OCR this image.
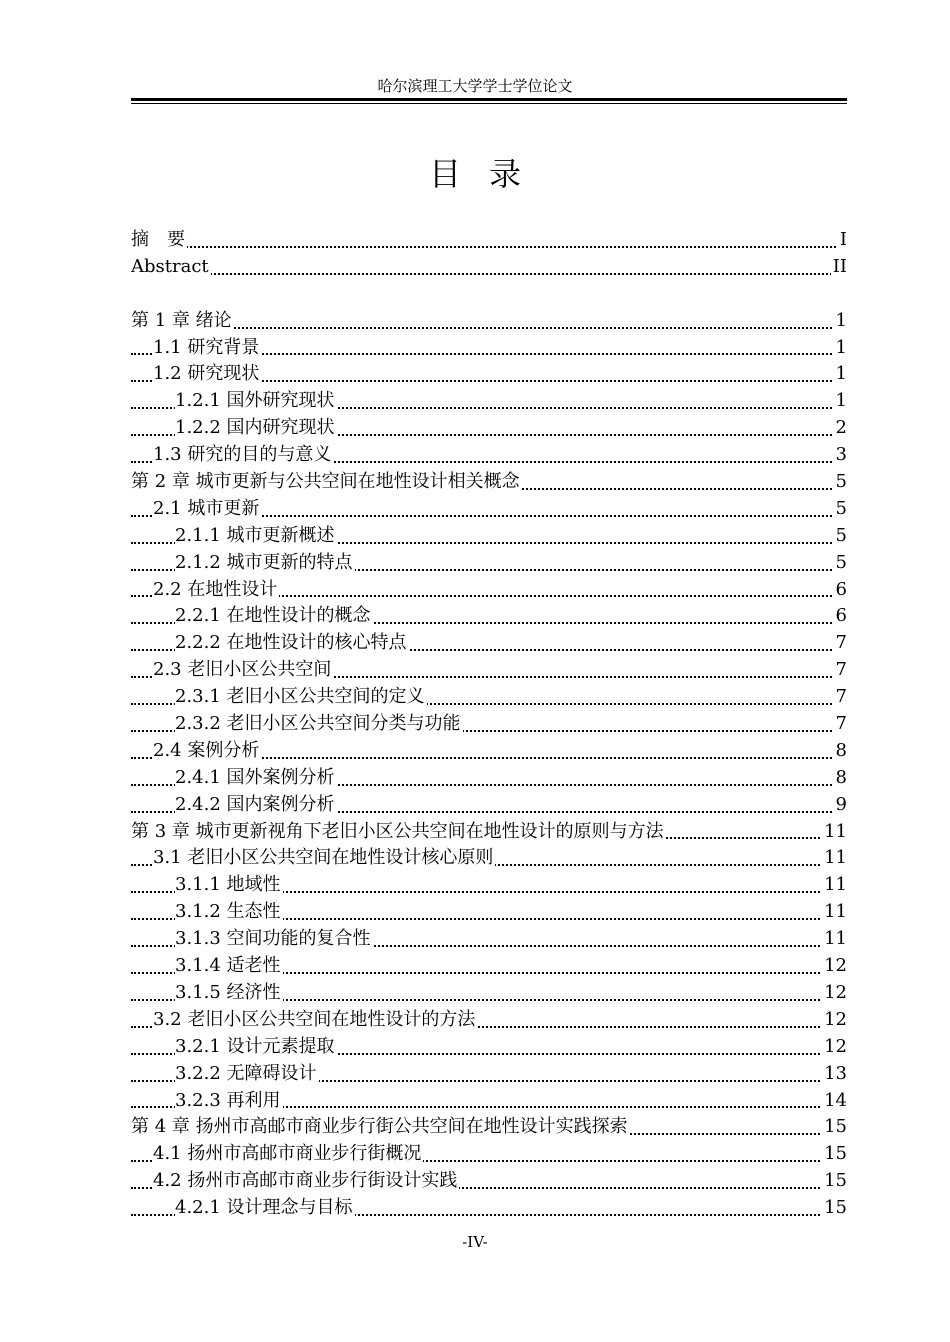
哈尔滨理工大学学士学位论文
目录
摘　要	I
Abstract	II
第 1 章 绪论	1
1.1 研究背景	1
1.2 研究现状	1
1.2.1 国外研究现状	1
1.2.2 国内研究现状	2
1.3 研究的目的与意义	3
第 2 章 城市更新与公共空间在地性设计相关概念	5
2.1 城市更新	5
2.1.1 城市更新概述	5
2.1.2 城市更新的特点	5
2.2 在地性设计	6
2.2.1 在地性设计的概念	6
2.2.2 在地性设计的核心特点	7
2.3 老旧小区公共空间	7
2.3.1 老旧小区公共空间的定义	7
2.3.2 老旧小区公共空间分类与功能	7
2.4 案例分析	8
2.4.1 国外案例分析	8
2.4.2 国内案例分析	9
第 3 章 城市更新视角下老旧小区公共空间在地性设计的原则与方法	11
3.1 老旧小区公共空间在地性设计核心原则	11
3.1.1 地域性	11
3.1.2 生态性	11
3.1.3 空间功能的复合性	11
3.1.4 适老性	12
3.1.5 经济性	12
3.2 老旧小区公共空间在地性设计的方法	12
3.2.1 设计元素提取	12
3.2.2 无障碍设计	13
3.2.3 再利用	14
第 4 章 扬州市高邮市商业步行街公共空间在地性设计实践探索	15
4.1 扬州市高邮市商业步行街概况	15
4.2 扬州市高邮市商业步行街设计实践	15
4.2.1 设计理念与目标	15
-IV-
